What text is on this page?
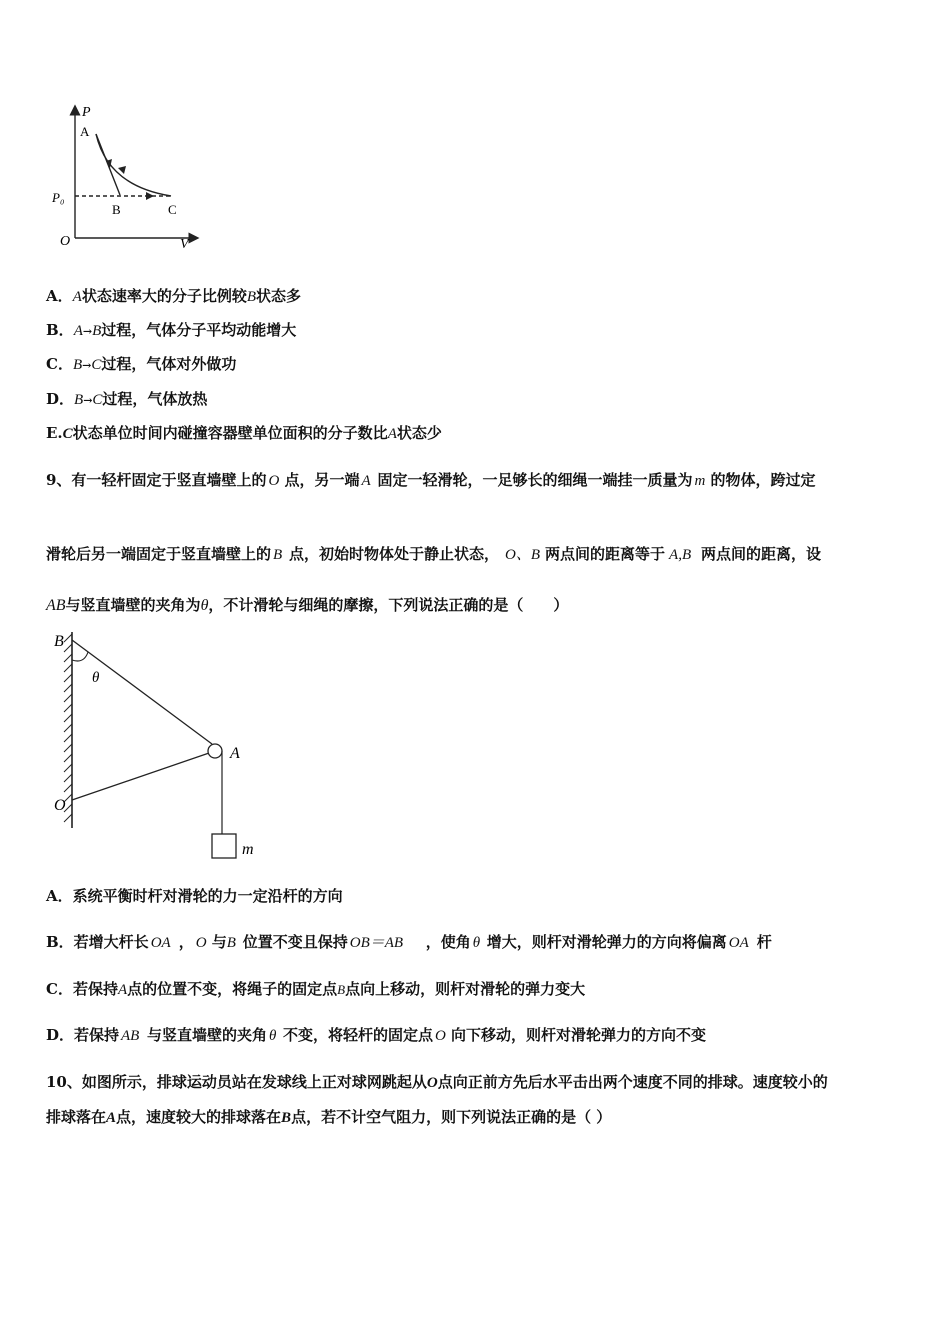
P
A
P₀
B	C
O	V
A．A状态速率大的分子比例较B状态多
B．A→B过程，气体分子平均动能增大
C．B→C过程，气体对外做功
D．B→C过程，气体放热
E.C状态单位时间内碰撞容器壁单位面积的分子数比A状态少
9、有一轻杆固定于竖直墙壁上的 O 点，另一端 A 固定一轻滑轮，一足够长的细绳一端挂一质量为 m 的物体，跨过定
滑轮后另一端固定于竖直墙壁上的 B 点，初始时物体处于静止状态， O、B 两点间的距离等于 A,B 两点间的距离，设
AB与竖直墙壁的夹角为θ，不计滑轮与细绳的摩擦，下列说法正确的是（　　）
B
θ
A
O
m
A．系统平衡时杆对滑轮的力一定沿杆的方向
B．若增大杆长 OA ， O 与 B 位置不变且保持 OB＝AB ，使角 θ 增大，则杆对滑轮弹力的方向将偏离 OA 杆
C．若保持A点的位置不变，将绳子的固定点B点向上移动，则杆对滑轮的弹力变大
D．若保持 AB 与竖直墙壁的夹角 θ 不变，将轻杆的固定点 O 向下移动，则杆对滑轮弹力的方向不变
10、如图所示，排球运动员站在发球线上正对球网跳起从O点向正前方先后水平击出两个速度不同的排球。速度较小的
排球落在A点，速度较大的排球落在B点，若不计空气阻力，则下列说法正确的是（ ）
